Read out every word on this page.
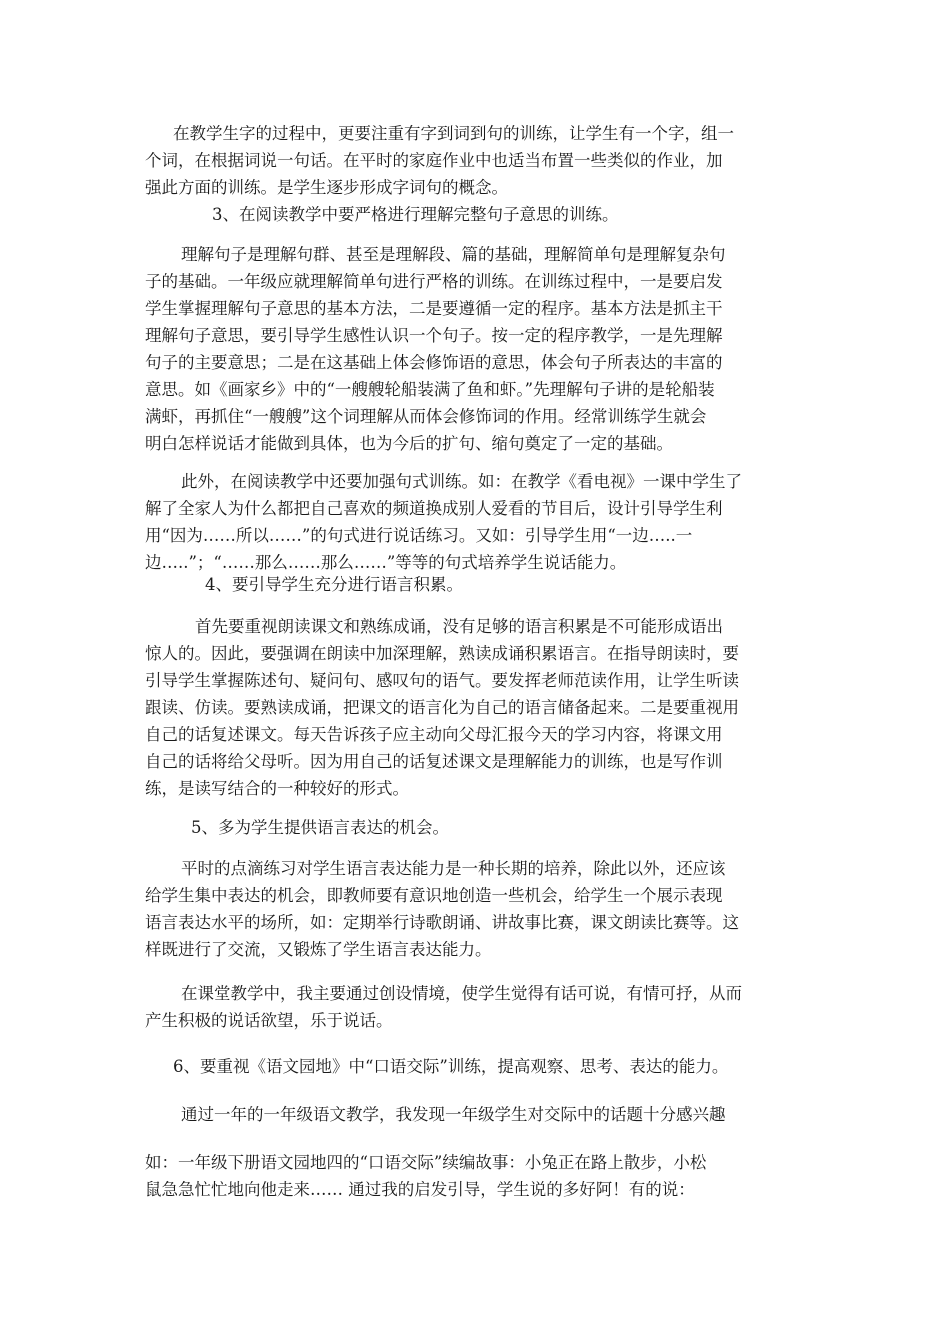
在教学生字的过程中，更要注重有字到词到句的训练，让学生有一个字，组一
个词，在根据词说一句话。在平时的家庭作业中也适当布置一些类似的作业，加
强此方面的训练。是学生逐步形成字词句的概念。

3、在阅读教学中要严格进行理解完整句子意思的训练。

理解句子是理解句群、甚至是理解段、篇的基础，理解简单句是理解复杂句
子的基础。一年级应就理解简单句进行严格的训练。在训练过程中，一是要启发
学生掌握理解句子意思的基本方法，二是要遵循一定的程序。基本方法是抓主干
理解句子意思，要引导学生感性认识一个句子。按一定的程序教学，一是先理解
句子的主要意思；二是在这基础上体会修饰语的意思，体会句子所表达的丰富的
意思。如《画家乡》中的“一艘艘轮船装满了鱼和虾。”先理解句子讲的是轮船装
满虾，再抓住“一艘艘”这个词理解从而体会修饰词的作用。经常训练学生就会
明白怎样说话才能做到具体，也为今后的扩句、缩句奠定了一定的基础。

此外，在阅读教学中还要加强句式训练。如：在教学《看电视》一课中学生了
解了全家人为什么都把自己喜欢的频道换成别人爱看的节目后，设计引导学生利
用“因为……所以……”的句式进行说话练习。又如：引导学生用“一边…..一
边…..”；“……那么……那么……”等等的句式培养学生说话能力。

4、要引导学生充分进行语言积累。

首先要重视朗读课文和熟练成诵，没有足够的语言积累是不可能形成语出
惊人的。因此，要强调在朗读中加深理解，熟读成诵积累语言。在指导朗读时，要
引导学生掌握陈述句、疑问句、感叹句的语气。要发挥老师范读作用，让学生听读
跟读、仿读。要熟读成诵，把课文的语言化为自己的语言储备起来。二是要重视用
自己的话复述课文。每天告诉孩子应主动向父母汇报今天的学习内容，将课文用
自己的话将给父母听。因为用自己的话复述课文是理解能力的训练，也是写作训
练，是读写结合的一种较好的形式。

5、多为学生提供语言表达的机会。

平时的点滴练习对学生语言表达能力是一种长期的培养，除此以外，还应该
给学生集中表达的机会，即教师要有意识地创造一些机会，给学生一个展示表现
语言表达水平的场所，如：定期举行诗歌朗诵、讲故事比赛，课文朗读比赛等。这
样既进行了交流，又锻炼了学生语言表达能力。

在课堂教学中，我主要通过创设情境，使学生觉得有话可说，有情可抒，从而
产生积极的说话欲望，乐于说话。

6、要重视《语文园地》中“口语交际”训练，提高观察、思考、表达的能力。

通过一年的一年级语文教学，我发现一年级学生对交际中的话题十分感兴趣

如：一年级下册语文园地四的“口语交际”续编故事：小兔正在路上散步，小松
鼠急急忙忙地向他走来…… 通过我的启发引导，学生说的多好阿！有的说：
